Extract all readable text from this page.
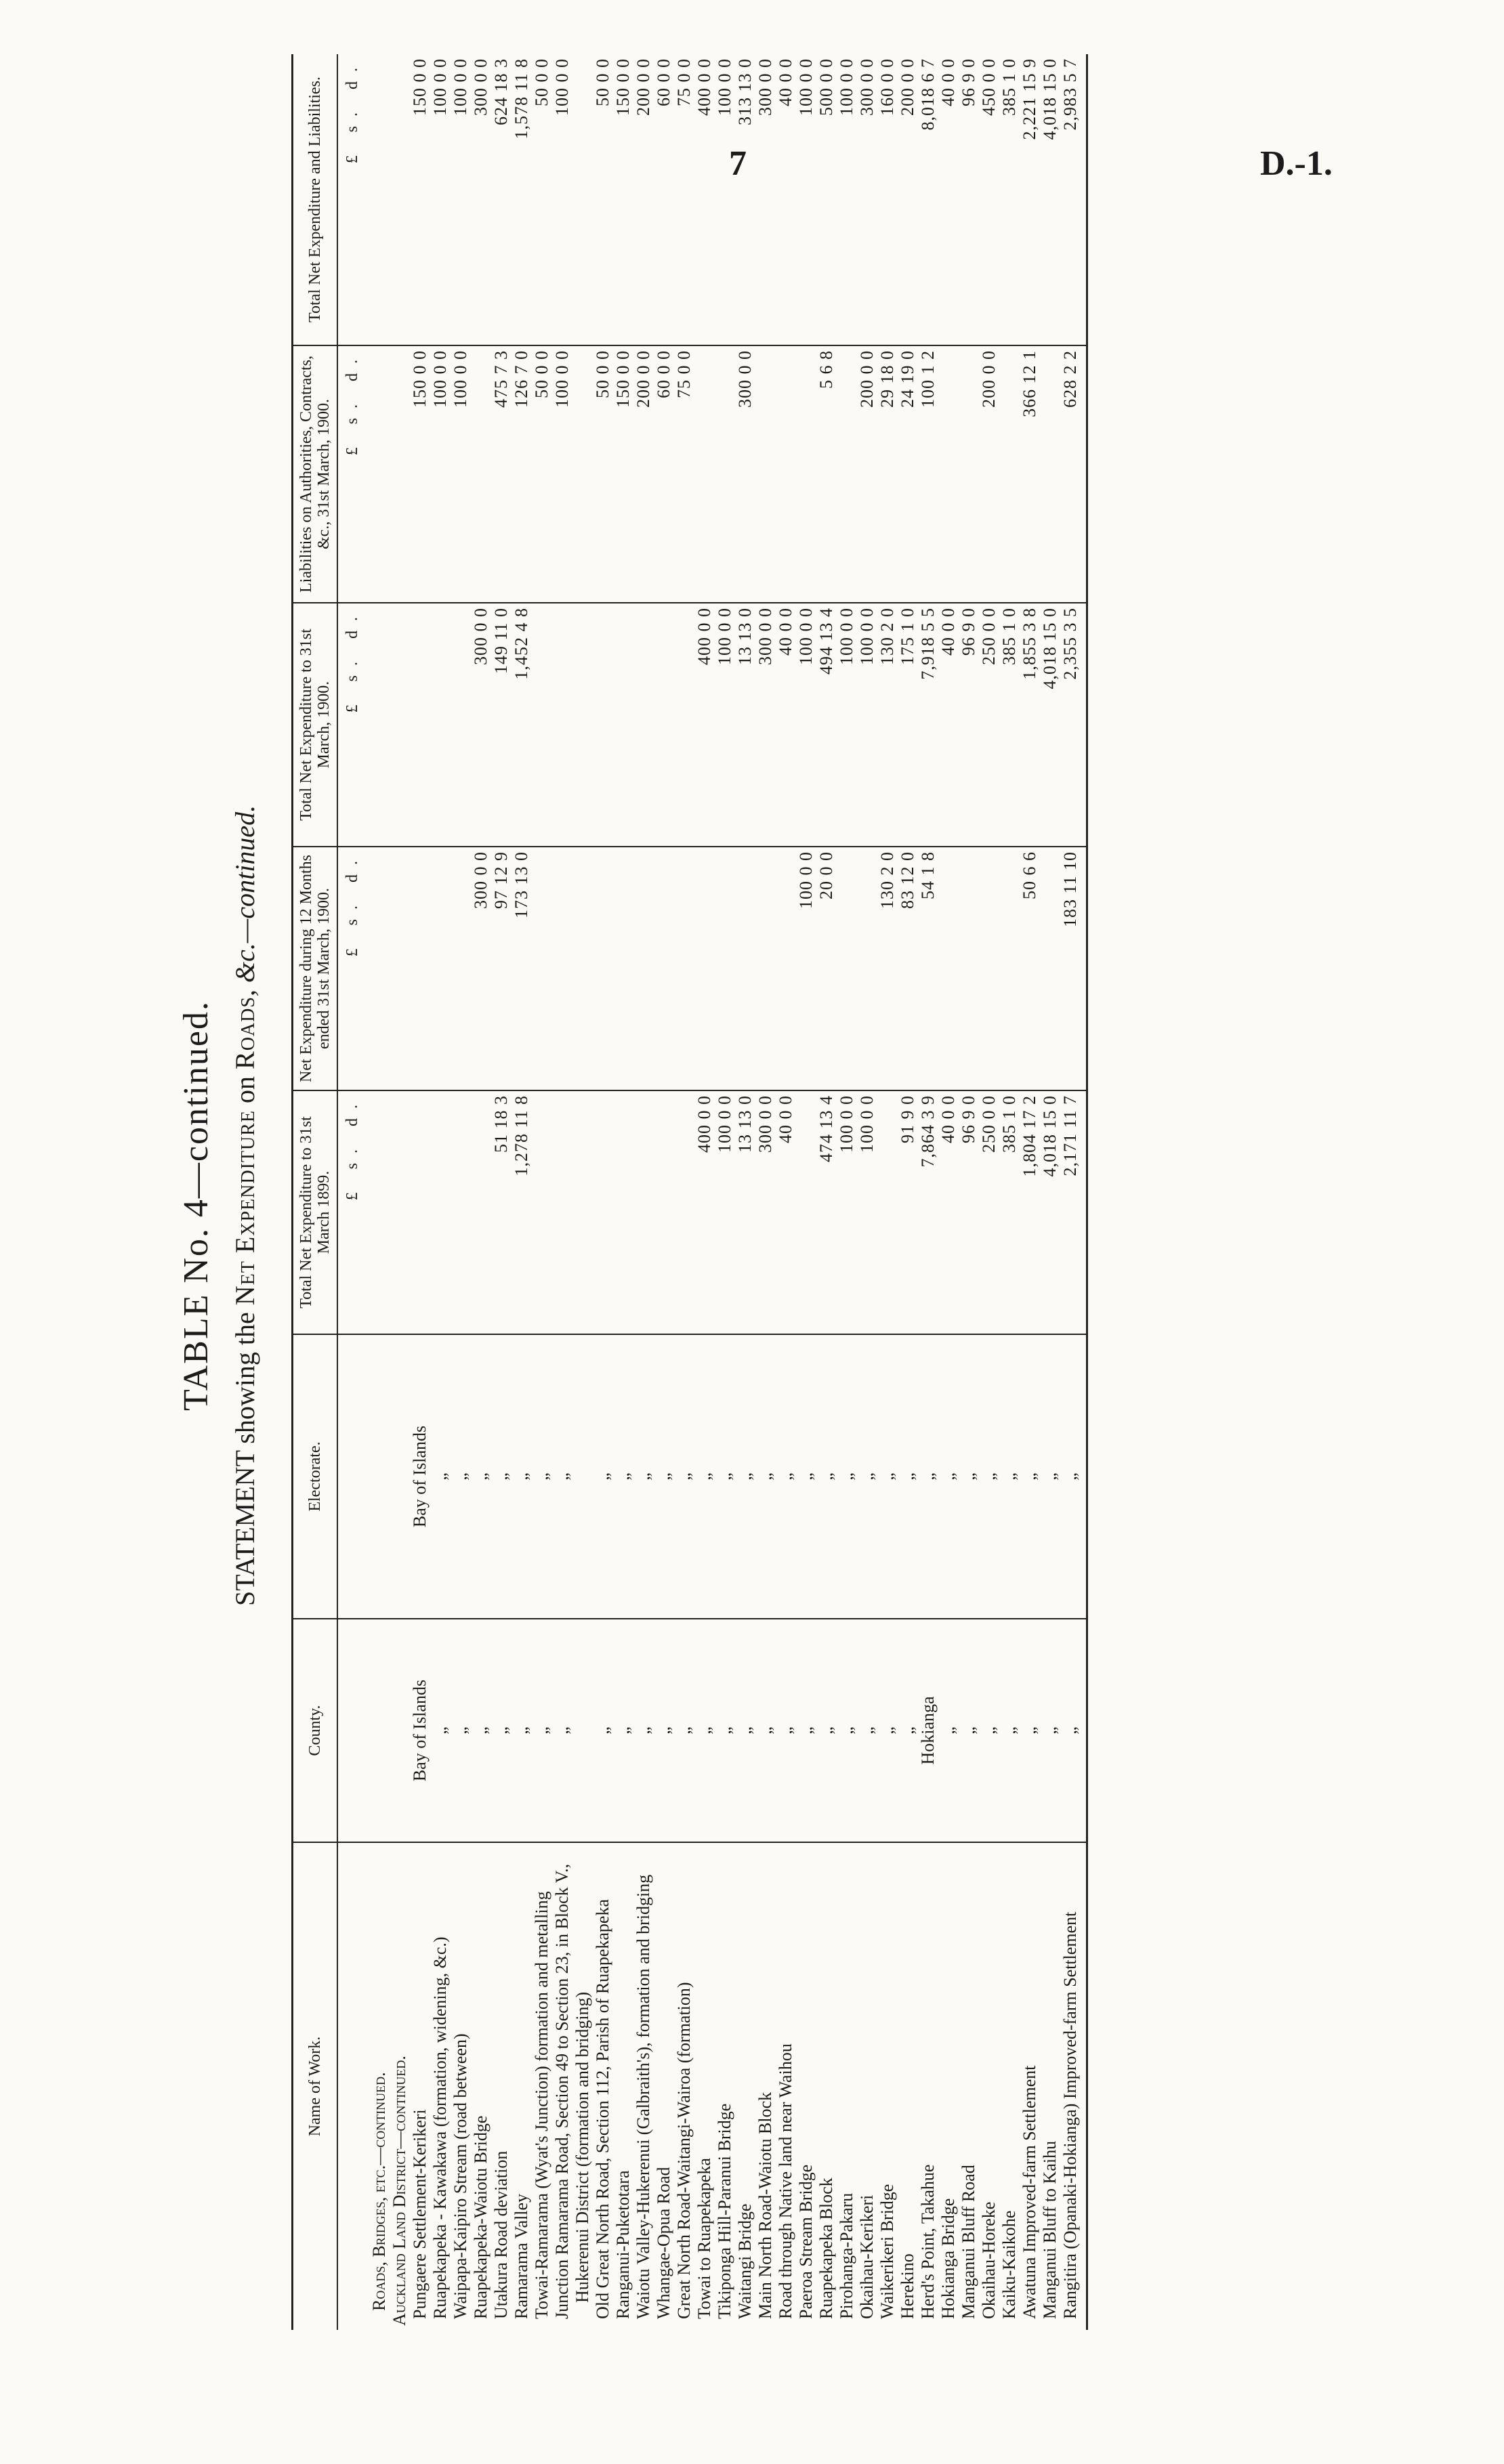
7	D.-1.
TABLE No. 4—continued.
STATEMENT showing the Net Expenditure on Roads, &c.—continued.
Name of Work.	County.	Electorate.	Total Net Expenditure to 31st March 1899.	Net Expenditure during 12 Months ended 31st March, 1900.	Total Net Expenditure to 31st March, 1900.	Liabilities on Authorities, Contracts, &c., 31st March, 1900.	Total Net Expenditure and Liabilities.
			£ s. d.	£ s. d.	£ s. d.	£ s. d.	£ s. d.
Roads, Bridges, etc.—continued.							
Auckland Land District—continued.							
Pungaere Settlement-Kerikeri	Bay of Islands	Bay of Islands				150 0 0	150 0 0
Ruapekapeka - Kawakawa (formation, widening, &c.)	„	„				100 0 0	100 0 0
Waipapa-Kaipiro Stream (road between)	„	„				100 0 0	100 0 0
Ruapekapeka-Waiotu Bridge	„	„		300 0 0	300 0 0		300 0 0
Utakura Road deviation	„	„	51 18 3	97 12 9	149 11 0	475 7 3	624 18 3
Ramarama Valley	„	„	1,278 11 8	173 13 0	1,452 4 8	126 7 0	1,578 11 8
Towai-Ramarama (Wyat's Junction) formation and metalling	„	„				50 0 0	50 0 0
Junction Ramarama Road, Section 49 to Section 23, in Block V., Hukerenui District (formation and bridging)	„	„				100 0 0	100 0 0
Old Great North Road, Section 112, Parish of Ruapekapeka	„	„				50 0 0	50 0 0
Ranganui-Puketotara	„	„				150 0 0	150 0 0
Waiotu Valley-Hukerenui (Galbraith's), formation and bridging	„	„				200 0 0	200 0 0
Whangae-Opua Road	„	„				60 0 0	60 0 0
Great North Road-Waitangi-Wairoa (formation)	„	„				75 0 0	75 0 0
Towai to Ruapekapeka	„	„	400 0 0		400 0 0		400 0 0
Tikiponga Hill-Paranui Bridge	„	„	100 0 0		100 0 0		100 0 0
Waitangi Bridge	„	„	13 13 0		13 13 0	300 0 0	313 13 0
Main North Road-Waiotu Block	„	„	300 0 0		300 0 0		300 0 0
Road through Native land near Waihou	„	„	40 0 0		40 0 0		40 0 0
Paeroa Stream Bridge	„	„		100 0 0	100 0 0		100 0 0
Ruapekapeka Block	„	„	474 13 4	20 0 0	494 13 4	5 6 8	500 0 0
Pirohanga-Pakaru	„	„	100 0 0		100 0 0		100 0 0
Okaihau-Kerikeri	„	„	100 0 0		100 0 0	200 0 0	300 0 0
Waikerikeri Bridge	„	„		130 2 0	130 2 0	29 18 0	160 0 0
Herekino	„	„	91 9 0	83 12 0	175 1 0	24 19 0	200 0 0
Herd's Point, Takahue	Hokianga	„	7,864 3 9	54 1 8	7,918 5 5	100 1 2	8,018 6 7
Hokianga Bridge	„	„	40 0 0		40 0 0		40 0 0
Manganui Bluff Road	„	„	96 9 0		96 9 0		96 9 0
Okaihau-Horeke	„	„	250 0 0		250 0 0	200 0 0	450 0 0
Kaiku-Kaikohe	„	„	385 1 0		385 1 0		385 1 0
Awatuna Improved-farm Settlement	„	„	1,804 17 2	50 6 6	1,855 3 8	366 12 1	2,221 15 9
Manganui Bluff to Kaihu	„	„	4,018 15 0		4,018 15 0		4,018 15 0
Rangitira (Opanaki-Hokianga) Improved-farm Settlement	„	„	2,171 11 7	183 11 10	2,355 3 5	628 2 2	2,983 5 7
